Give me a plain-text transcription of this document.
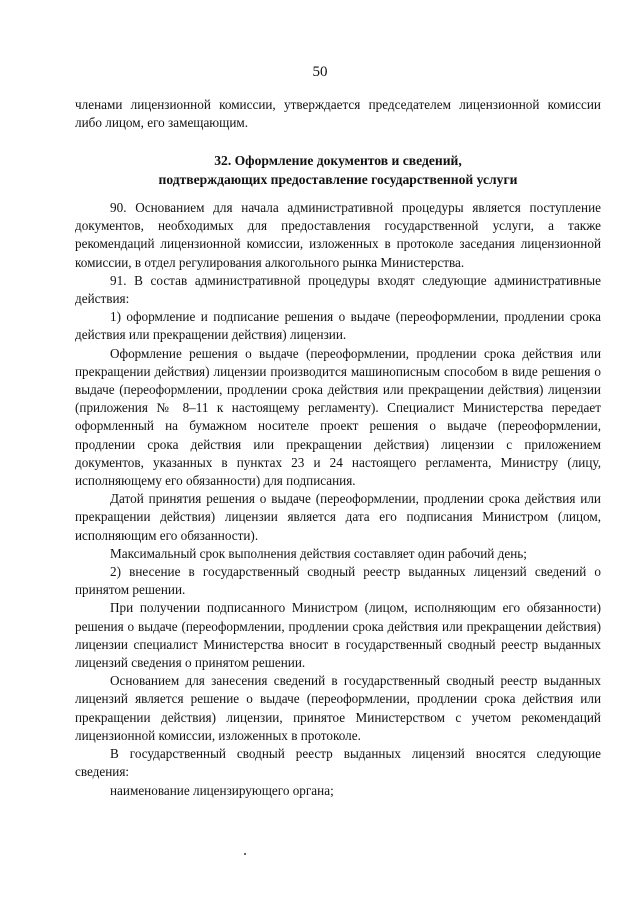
50

членами лицензионной комиссии, утверждается председателем лицензионной комиссии либо лицом, его замещающим.

32. Оформление документов и сведений,
подтверждающих предоставление государственной услуги

90. Основанием для начала административной процедуры является поступление документов, необходимых для предоставления государственной услуги, а также рекомендаций лицензионной комиссии, изложенных в протоколе заседания лицензионной комиссии, в отдел регулирования алкогольного рынка Министерства.

91. В состав административной процедуры входят следующие административные действия:

1) оформление и подписание решения о выдаче (переоформлении, продлении срока действия или прекращении действия) лицензии.

Оформление решения о выдаче (переоформлении, продлении срока действия или прекращении действия) лицензии производится машинописным способом в виде решения о выдаче (переоформлении, продлении срока действия или прекращении действия) лицензии (приложения № 8–11 к настоящему регламенту). Специалист Министерства передает оформленный на бумажном носителе проект решения о выдаче (переоформлении, продлении срока действия или прекращении действия) лицензии с приложением документов, указанных в пунктах 23 и 24 настоящего регламента, Министру (лицу, исполняющему его обязанности) для подписания.

Датой принятия решения о выдаче (переоформлении, продлении срока действия или прекращении действия) лицензии является дата его подписания Министром (лицом, исполняющим его обязанности).

Максимальный срок выполнения действия составляет один рабочий день;

2) внесение в государственный сводный реестр выданных лицензий сведений о принятом решении.

При получении подписанного Министром (лицом, исполняющим его обязанности) решения о выдаче (переоформлении, продлении срока действия или прекращении действия) лицензии специалист Министерства вносит в государственный сводный реестр выданных лицензий сведения о принятом решении.

Основанием для занесения сведений в государственный сводный реестр выданных лицензий является решение о выдаче (переоформлении, продлении срока действия или прекращении действия) лицензии, принятое Министерством с учетом рекомендаций лицензионной комиссии, изложенных в протоколе.

В государственный сводный реестр выданных лицензий вносятся следующие сведения:

наименование лицензирующего органа;
